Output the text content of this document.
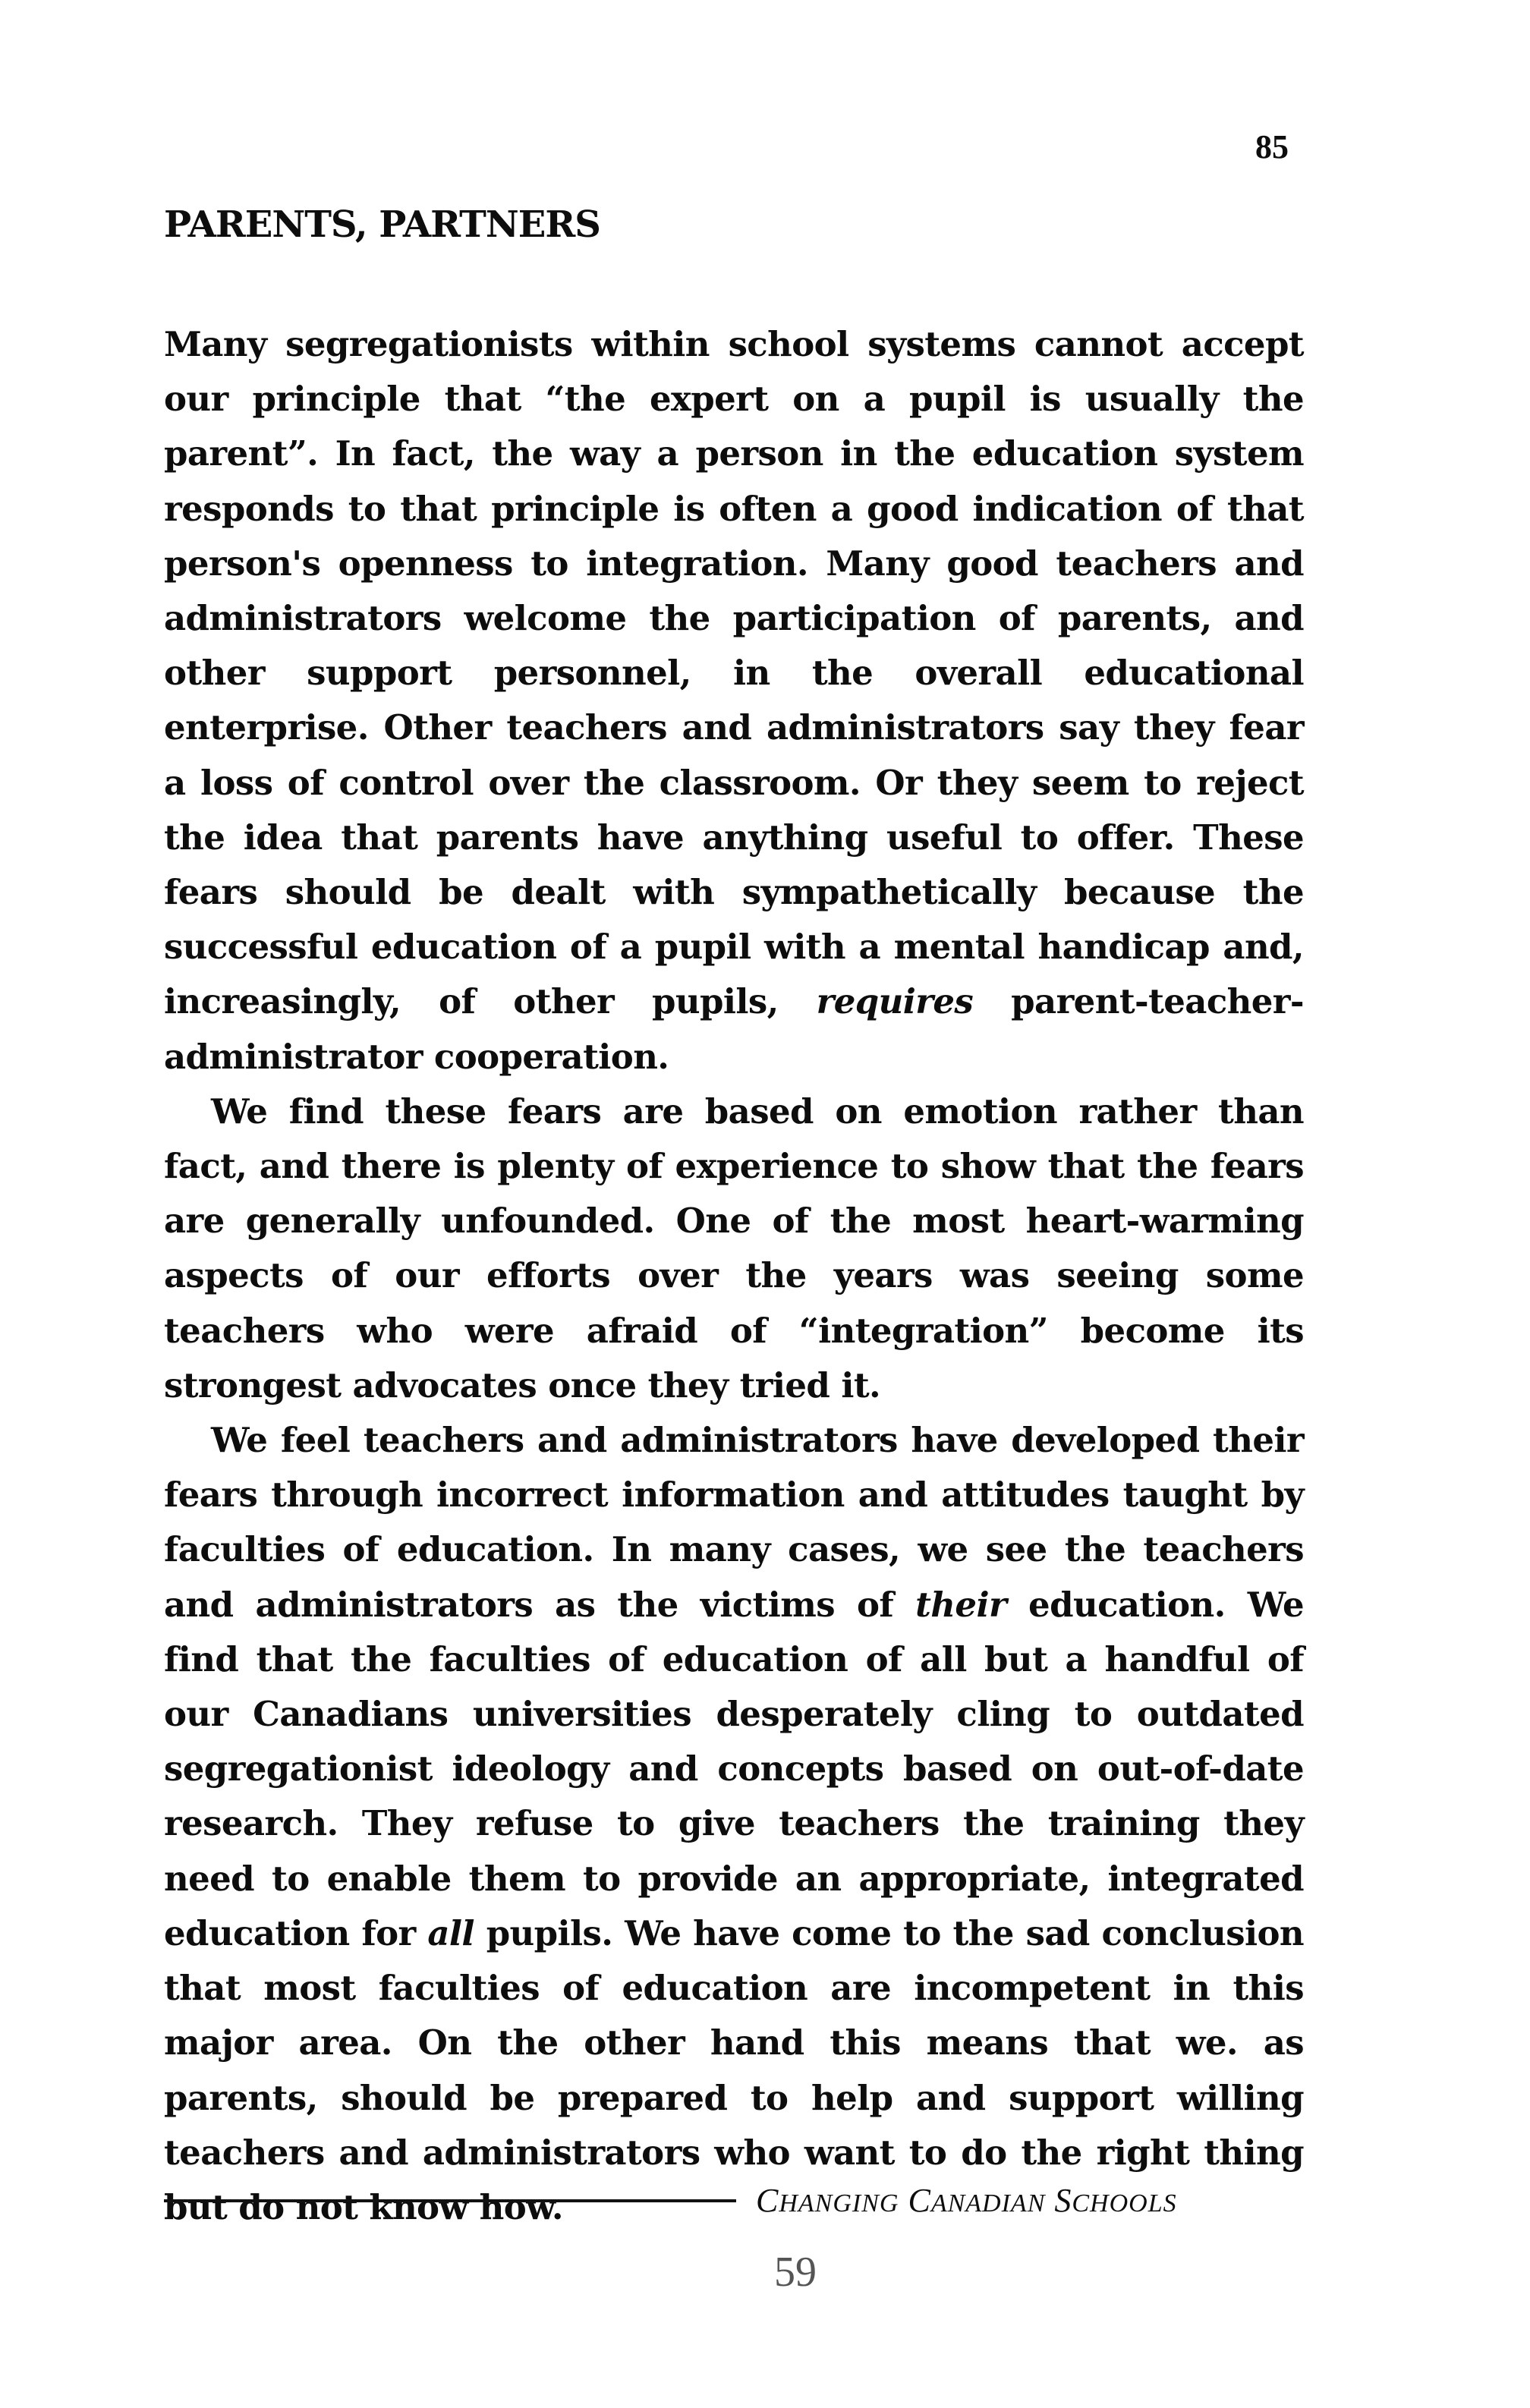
85
PARENTS, PARTNERS

Many segregationists within school systems cannot accept our principle that “the expert on a pupil is usually the parent”. In fact, the way a person in the education system responds to that principle is often a good indication of that person's openness to integration. Many good teachers and administrators welcome the participation of parents, and other support personnel, in the overall educational enterprise. Other teachers and administrators say they fear a loss of control over the classroom. Or they seem to reject the idea that parents have anything useful to offer. These fears should be dealt with sympathetically because the successful education of a pupil with a mental handicap and, increasingly, of other pupils, requires parent-teacher-administrator cooperation.

We find these fears are based on emotion rather than fact, and there is plenty of experience to show that the fears are generally unfounded. One of the most heart-warming aspects of our efforts over the years was seeing some teachers who were afraid of “integration” become its strongest advocates once they tried it.

We feel teachers and administrators have developed their fears through incorrect information and attitudes taught by faculties of education. In many cases, we see the teachers and administrators as the victims of their education. We find that the faculties of education of all but a handful of our Canadians universities desperately cling to outdated segregationist ideology and concepts based on out-of-date research. They refuse to give teachers the training they need to enable them to provide an appropriate, integrated education for all pupils. We have come to the sad conclusion that most faculties of education are incompetent in this major area. On the other hand this means that we. as parents, should be prepared to help and support willing teachers and administrators who want to do the right thing but do not know how.	CHANGING CANADIAN SCHOOLS
59
